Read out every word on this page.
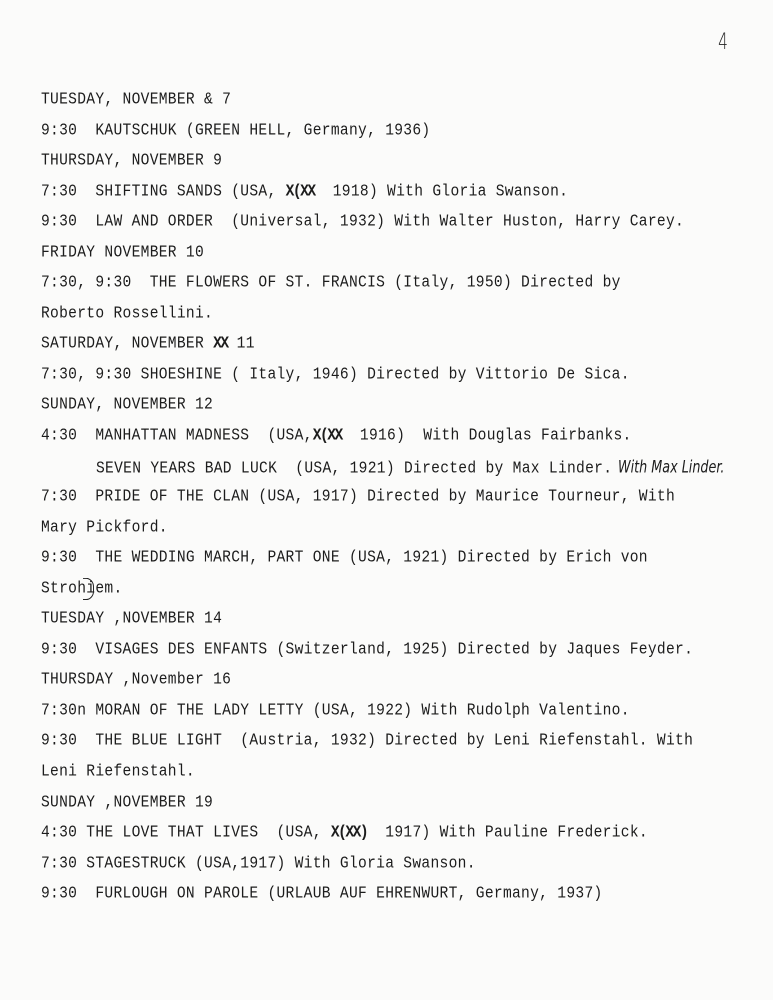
4
TUESDAY, NOVEMBER & 7
9:30  KAUTSCHUK (GREEN HELL, Germany, 1936)
THURSDAY, NOVEMBER 9
7:30  SHIFTING SANDS (USA, X(XX  1918) With Gloria Swanson.
9:30  LAW AND ORDER  (Universal, 1932) With Walter Huston, Harry Carey.
FRIDAY NOVEMBER 10
7:30, 9:30  THE FLOWERS OF ST. FRANCIS (Italy, 1950) Directed by
Roberto Rossellini.
SATURDAY, NOVEMBER XX 11
7:30, 9:30 SHOESHINE ( Italy, 1946) Directed by Vittorio De Sica.
SUNDAY, NOVEMBER 12
4:30  MANHATTAN MADNESS  (USA,X(XX  1916)  With Douglas Fairbanks.
SEVEN YEARS BAD LUCK  (USA, 1921) Directed by Max Linder. With Max Linder.
7:30  PRIDE OF THE CLAN (USA, 1917) Directed by Maurice Tourneur, With
Mary Pickford.
9:30  THE WEDDING MARCH, PART ONE (USA, 1921) Directed by Erich von
Strohiem.
TUESDAY ,NOVEMBER 14
9:30  VISAGES DES ENFANTS (Switzerland, 1925) Directed by Jaques Feyder.
THURSDAY ,November 16
7:30n MORAN OF THE LADY LETTY (USA, 1922) With Rudolph Valentino.
9:30  THE BLUE LIGHT  (Austria, 1932) Directed by Leni Riefenstahl. With
Leni Riefenstahl.
SUNDAY ,NOVEMBER 19
4:30 THE LOVE THAT LIVES  (USA, X(XX)  1917) With Pauline Frederick.
7:30 STAGESTRUCK (USA,1917) With Gloria Swanson.
9:30  FURLOUGH ON PAROLE (URLAUB AUF EHRENWURT, Germany, 1937)
